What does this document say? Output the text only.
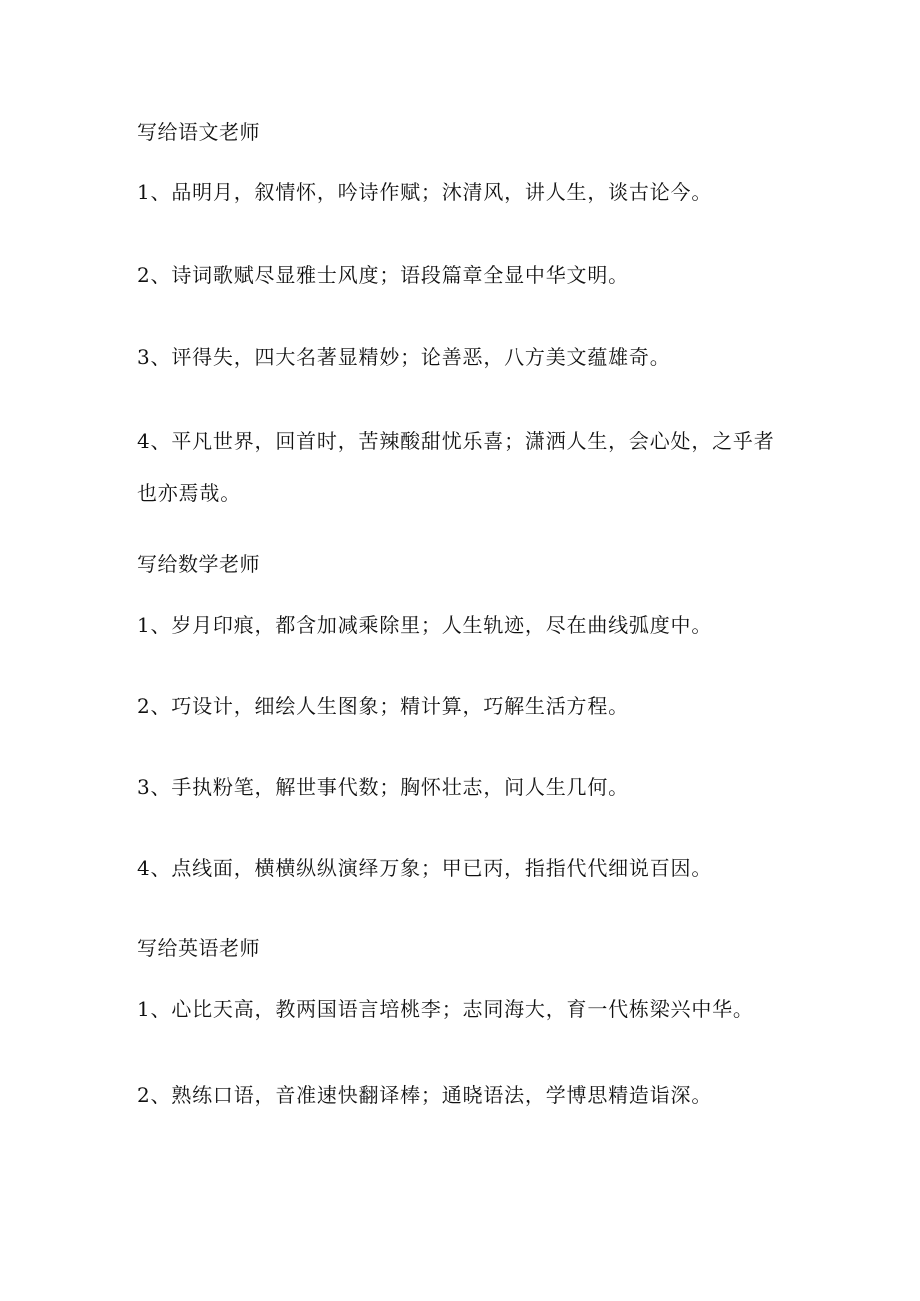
写给语文老师
1、品明月，叙情怀，吟诗作赋；沐清风，讲人生，谈古论今。
2、诗词歌赋尽显雅士风度；语段篇章全显中华文明。
3、评得失，四大名著显精妙；论善恶，八方美文蕴雄奇。
4、平凡世界，回首时，苦辣酸甜忧乐喜；潇洒人生，会心处，之乎者也亦焉哉。
写给数学老师
1、岁月印痕，都含加减乘除里；人生轨迹，尽在曲线弧度中。
2、巧设计，细绘人生图象；精计算，巧解生活方程。
3、手执粉笔，解世事代数；胸怀壮志，问人生几何。
4、点线面，横横纵纵演绎万象；甲已丙，指指代代细说百因。
写给英语老师
1、心比天高，教两国语言培桃李；志同海大，育一代栋梁兴中华。
2、熟练口语，音准速快翻译棒；通晓语法，学博思精造诣深。
